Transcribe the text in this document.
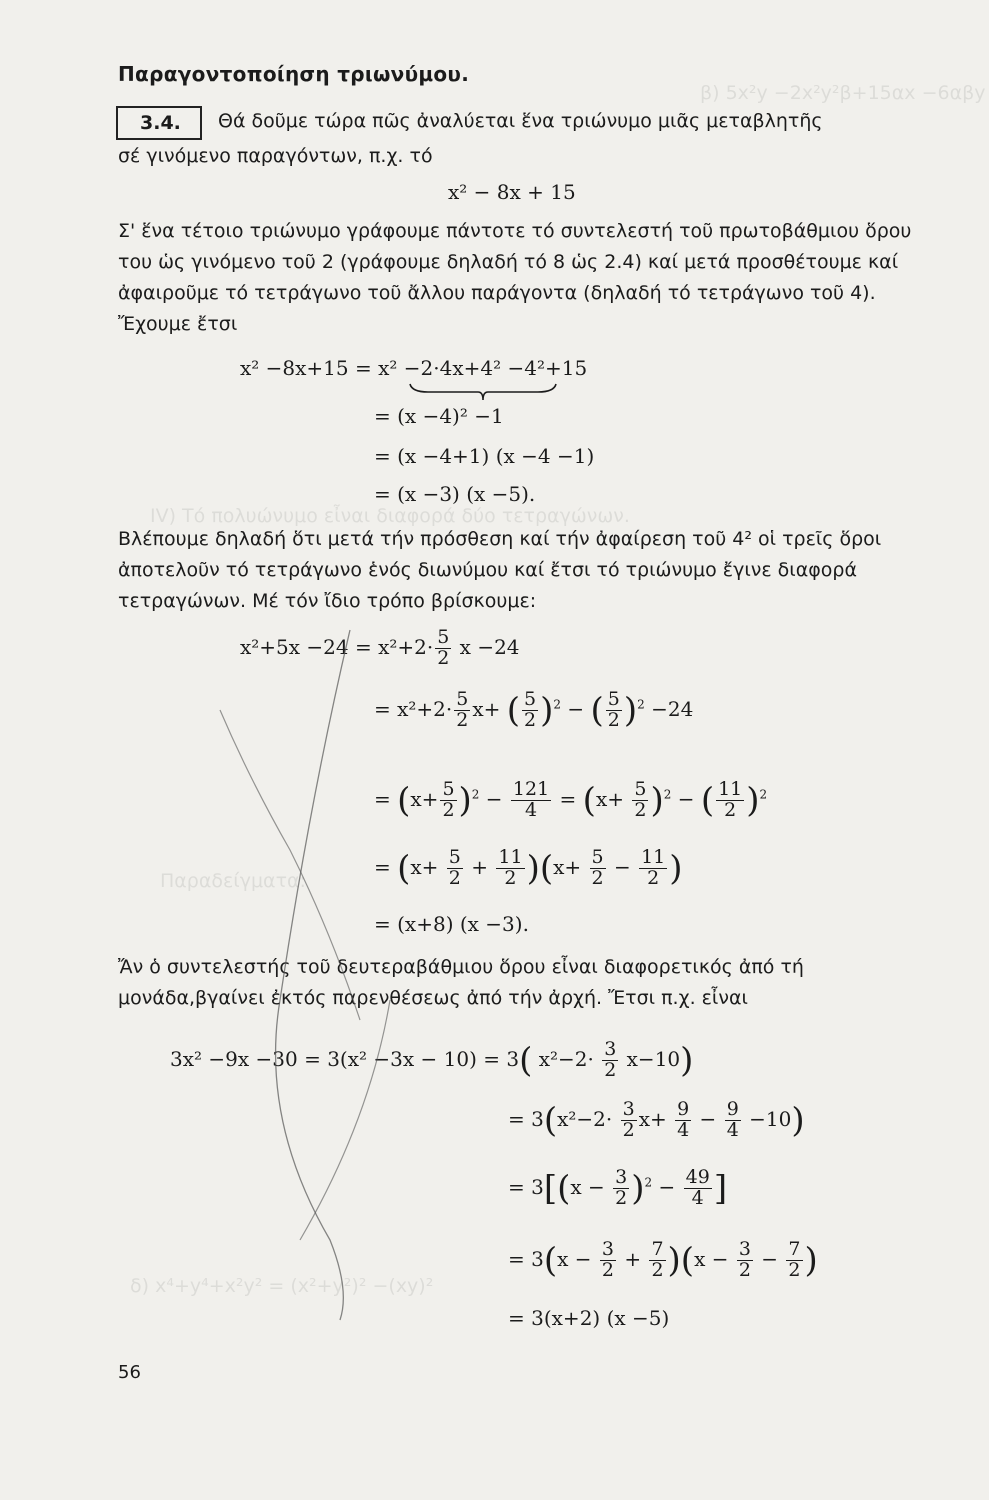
β) 5x²y −2x²y²β+15αx −6αβy
IV) Τό πολυώνυμο εἶναι διαφορά δύο τετραγώνων.
Παραδείγματα:
δ) x⁴+y⁴+x²y² = (x²+y²)² −(xy)²
Παραγοντοποίηση τριωνύμου.
3.4.	Θά δοῦμε τώρα πῶς ἀναλύεται ἕνα τριώνυμο μιᾶς μεταβλητῆς
σέ γινόμενο παραγόντων, π.χ. τό
x² − 8x + 15
Σ' ἕνα τέτοιο τριώνυμο γράφουμε πάντοτε τό συντελεστή τοῦ πρωτοβάθμιου ὅρου του ὡς γινόμενο τοῦ 2 (γράφουμε δηλαδή τό 8 ὡς 2.4) καί μετά προσθέτουμε καί ἀφαιροῦμε τό τετράγωνο τοῦ ἄλλου παράγοντα (δηλαδή τό τετράγωνο τοῦ 4). Ἔχουμε ἔτσι
x² −8x+15 = x² −2·4x+4² −4²+15
= (x −4)² −1
= (x −4+1) (x −4 −1)
= (x −3) (x −5).
Βλέπουμε δηλαδή ὅτι μετά τήν πρόσθεση καί τήν ἀφαίρεση τοῦ 4² οἱ τρεῖς ὅροι ἀποτελοῦν τό τετράγωνο ἑνός διωνύμου καί ἔτσι τό τριώνυμο ἔγινε διαφορά τετραγώνων. Μέ τόν ἴδιο τρόπο βρίσκουμε:
$x^2+5x -24 = x^2+2\cdot \frac{5}{2}$ x −24
= $x^2+2\cdot \frac{5}{2} x+$ ( $\frac{5}{2} )^2$ − ( $\frac{5}{2} )^2 -24$
= $(x+ \frac{5}{2} )^2 - \frac{121}{4} = (x+ \frac{5}{2} )^2$ − ( $\frac{11}{2} )^2$
= $(x+ \frac{5}{2} + \frac{11}{2} )(x+ \frac{5}{2} - \frac{11}{2}$ )
= (x+8) (x −3).
Ἄν ὁ συντελεστής τοῦ δευτεραβάθμιου ὅρου εἶναι διαφορετικός ἀπό τή μονάδα,βγαίνει ἐκτός παρενθέσεως ἀπό τήν ἀρχή. Ἔτσι π.χ. εἶναι
3x² −9x −30 = 3(x² −3x − 10) = 3( $x^2-2\cdot \frac{3}{2} x-10$)
= $3(x^2-2\cdot \frac{3}{2} x+ \frac{9}{4} - \frac{9}{4} -10)$
= $3[(x - \frac{3}{2} )^2 - \frac{49}{4}$ ]
= $3(x - \frac{3}{2} + \frac{7}{2} )(x - \frac{3}{2} - \frac{7}{2}$ )
= 3(x+2) (x −5)
56
